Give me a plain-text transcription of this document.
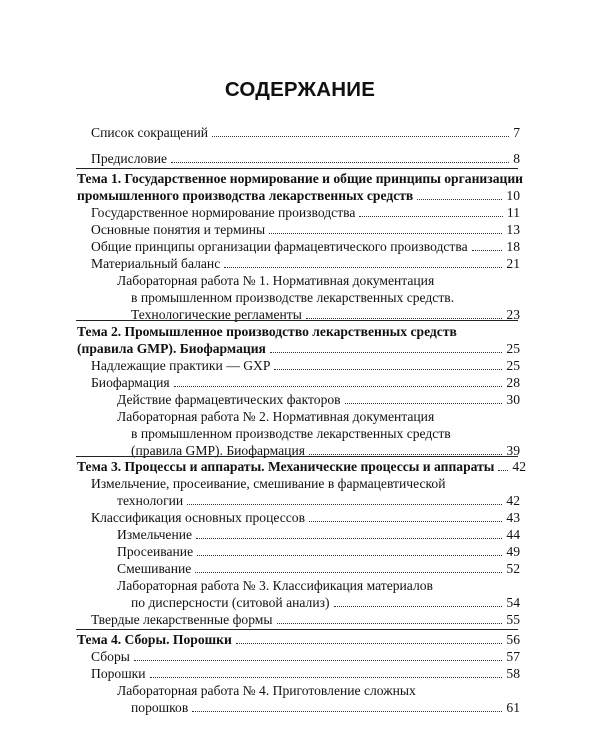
СОДЕРЖАНИЕ
Список сокращений	7
Предисловие	8
Тема 1. Государственное нормирование и общие принципы организации
промышленного производства лекарственных средств	10
Государственное нормирование производства	11
Основные понятия и термины	13
Общие принципы организации фармацевтического производства	18
Материальный баланс	21
Лабораторная работа № 1. Нормативная документация
в промышленном производстве лекарственных средств.
Технологические регламенты	23
Тема 2. Промышленное производство лекарственных средств
(правила GMP). Биофармация	25
Надлежащие практики — GXP	25
Биофармация	28
Действие фармацевтических факторов	30
Лабораторная работа № 2. Нормативная документация
в промышленном производстве лекарственных средств
(правила GMP). Биофармация	39
Тема 3. Процессы и аппараты. Механические процессы и аппараты 42
Измельчение, просеивание, смешивание в фармацевтической
технологии	42
Классификация основных процессов	43
Измельчение	44
Просеивание	49
Смешивание	52
Лабораторная работа № 3. Классификация материалов
по дисперсности (ситовой анализ)	54
Твердые лекарственные формы	55
Тема 4. Сборы. Порошки	56
Сборы	57
Порошки	58
Лабораторная работа № 4. Приготовление сложных
порошков	61
